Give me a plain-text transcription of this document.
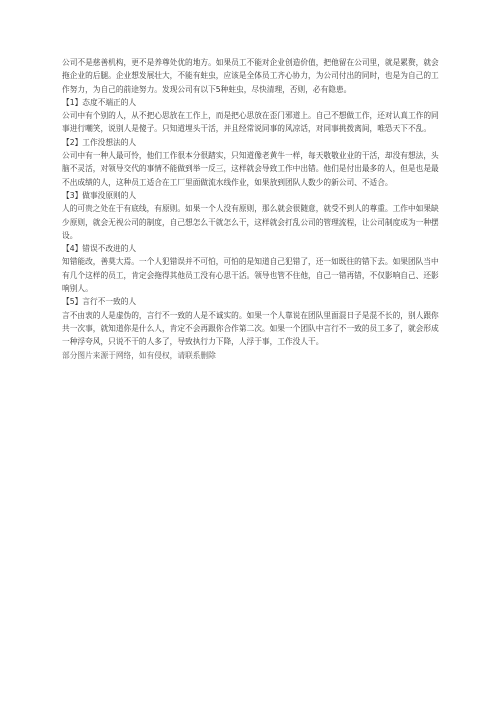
公司不是慈善机构，更不是养尊处优的地方。如果员工不能对企业创造价值，把他留在公司里，就是累赘，就会拖企业的后腿。企业想发展壮大，不能有蛀虫，应该是全体员工齐心协力，为公司付出的同时，也是为自己的工作努力，为自己的前途努力。发现公司有以下5种蛀虫，尽快清理，否则，必有隐患。

【1】态度不端正的人

公司中有个别的人，从不把心思放在工作上，而是把心思放在歪门邪道上。自己不想做工作，还对认真工作的同事进行嘲笑，说别人是傻子。只知道埋头干活，并且经常说同事的风凉话，对同事挑拨离间，唯恐天下不乱。

【2】工作没想法的人

公司中有一种人最可怜，他们工作很本分很踏实，只知道像老黄牛一样，每天敬敬业业的干活，却没有想法，头脑不灵活，对领导交代的事情不能做到举一反三，这样就会导致工作中出错。他们是付出最多的人，但是也是最不出成绩的人，这种员工适合在工厂里面做流水线作业，如果放到团队人数少的新公司、不适合。

【3】做事没原则的人

人的可贵之处在于有底线，有原则。如果一个人没有原则，那么就会很随意，就受不到人的尊重。工作中如果缺少原则，就会无视公司的制度，自己想怎么干就怎么干，这样就会打乱公司的管理流程，让公司制度成为一种摆设。

【4】错误不改进的人

知错能改，善莫大焉。一个人犯错误并不可怕，可怕的是知道自己犯错了，还一如既往的错下去。如果团队当中有几个这样的员工，肯定会拖得其他员工没有心思干活。领导也管不住他，自己一错再错，不仅影响自己、还影响别人。

【5】言行不一致的人

言不由衷的人是虚伪的，言行不一致的人是不诚实的。如果一个人靠说在团队里面混日子是混不长的，别人跟你共一次事，就知道你是什么人，肯定不会再跟你合作第二次。如果一个团队中言行不一致的员工多了，就会形成一种浮夸风，只说不干的人多了，导致执行力下降，人浮于事，工作没人干。

部分图片来源于网络，如有侵权，请联系删除
